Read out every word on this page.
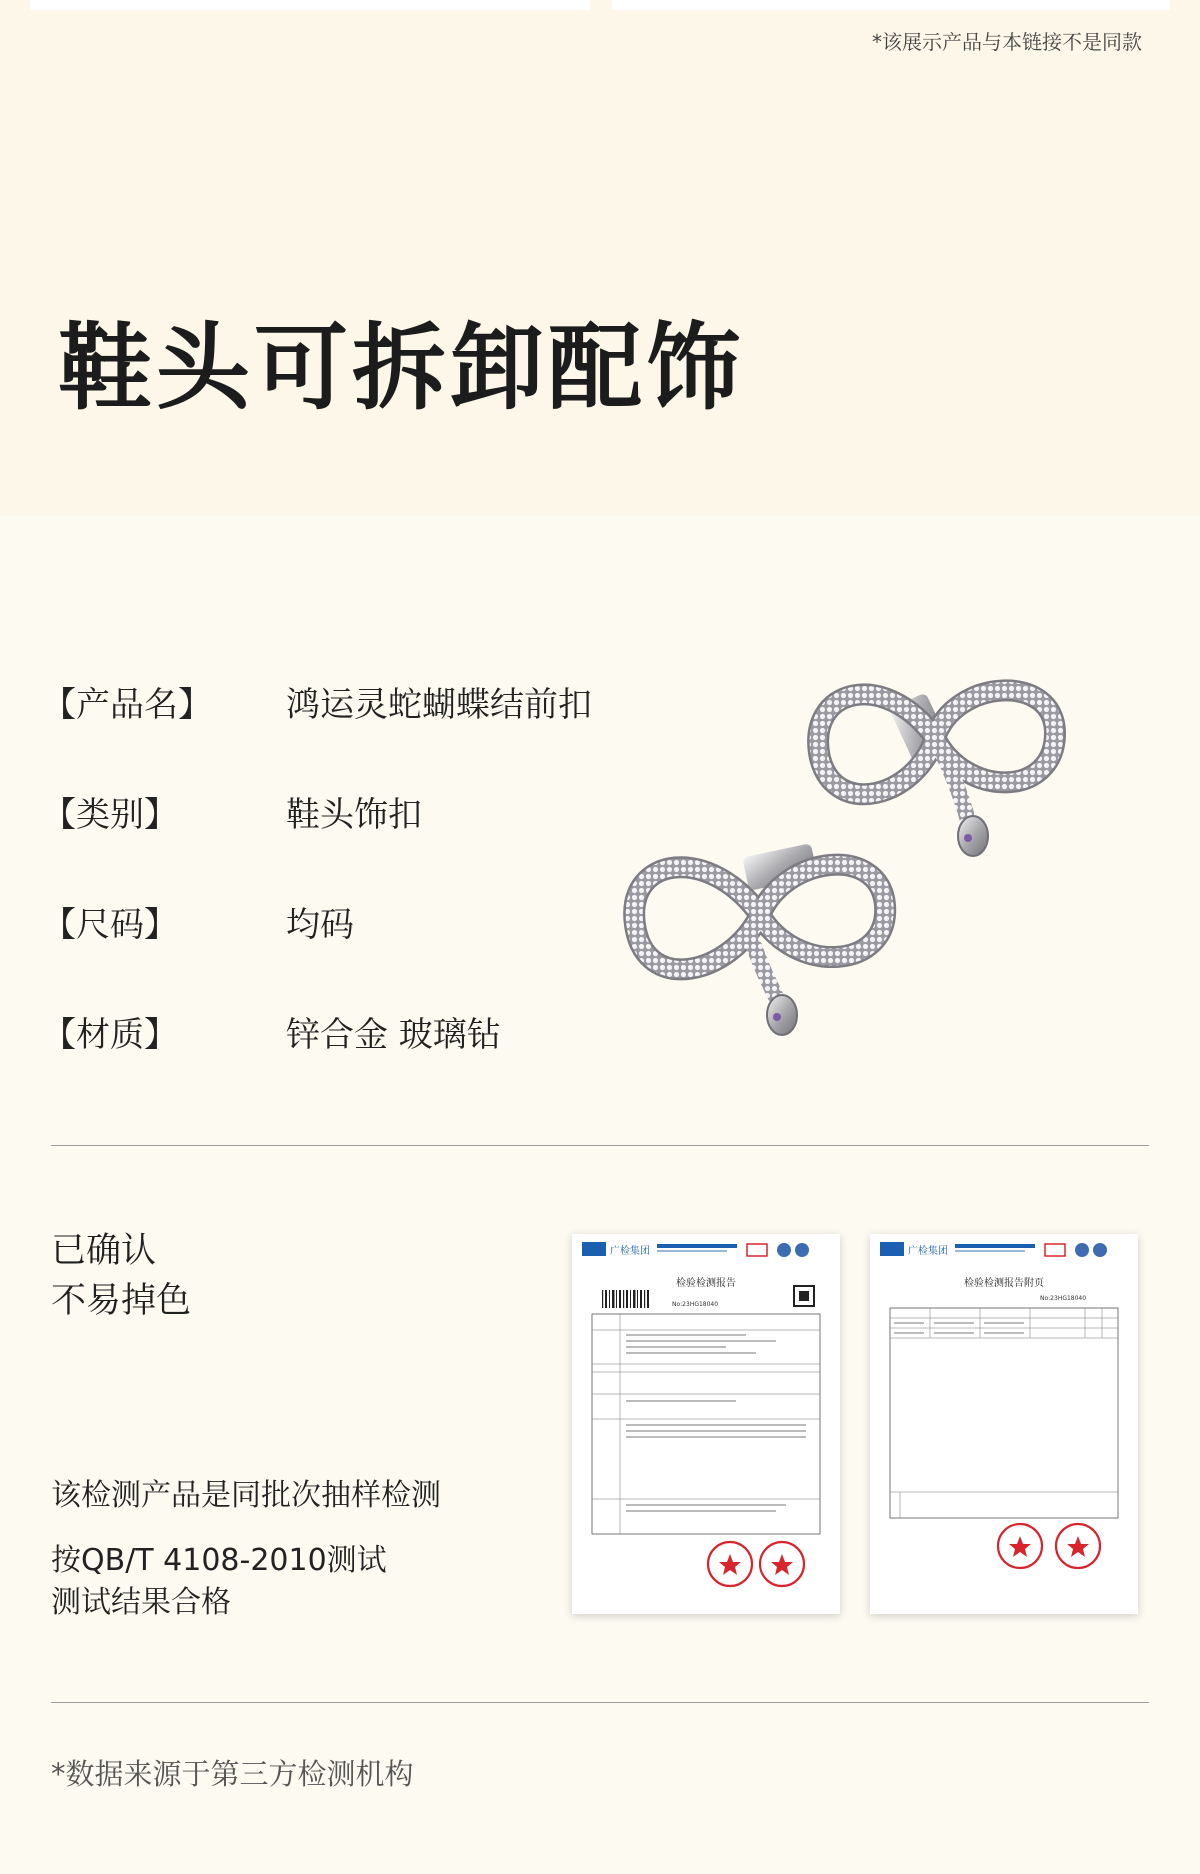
*该展示产品与本链接不是同款
鞋头可拆卸配饰
【产品名】	鸿运灵蛇蝴蝶结前扣
【类别】	鞋头饰扣
【尺码】	均码
【材质】	锌合金 玻璃钻
已确认
不易掉色
该检测产品是同批次抽样检测
按QB/T 4108-2010测试
测试结果合格
广检集团
检验检测报告
No:23HG18040
广检集团
检验检测报告附页
No:23HG18040
*数据来源于第三方检测机构
